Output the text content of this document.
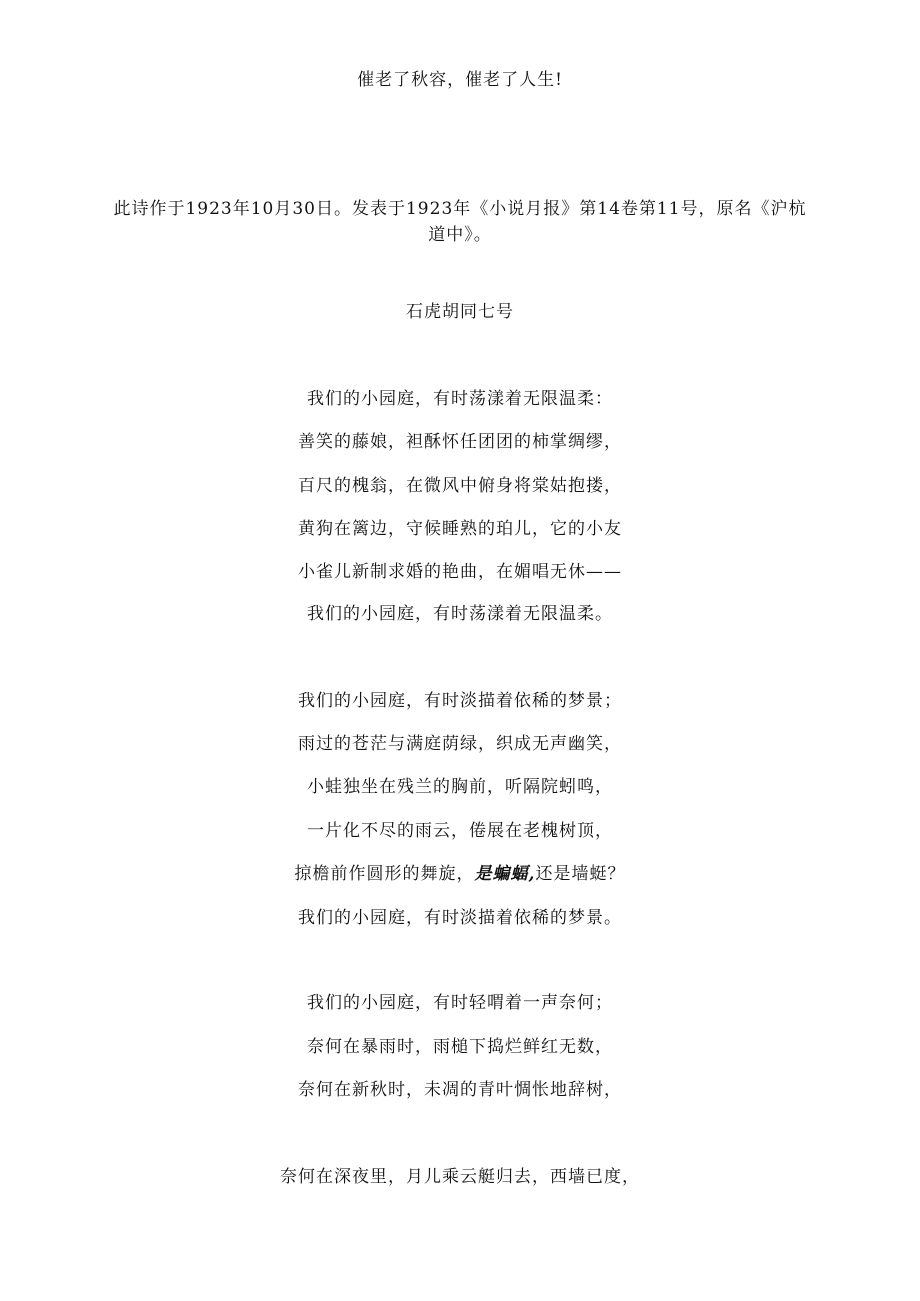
催老了秋容，催老了人生!
此诗作于1923年10月30日。发表于1923年《小说月报》第14卷第11号，原名《沪杭道中》。
石虎胡同七号
我们的小园庭，有时荡漾着无限温柔：
善笑的藤娘，袒酥怀任团团的柿掌绸缪，
百尺的槐翁，在微风中俯身将棠姑抱搂，
黄狗在篱边，守候睡熟的珀儿，它的小友
小雀儿新制求婚的艳曲，在媚唱无休——
我们的小园庭，有时荡漾着无限温柔。
我们的小园庭，有时淡描着依稀的梦景；
雨过的苍茫与满庭荫绿，织成无声幽笑，
小蛙独坐在残兰的胸前，听隔院蚓鸣，
一片化不尽的雨云，倦展在老槐树顶，
掠檐前作圆形的舞旋，是蝙蝠,还是墙蜓？
我们的小园庭，有时淡描着依稀的梦景。
我们的小园庭，有时轻喟着一声奈何；
奈何在暴雨时，雨槌下捣烂鲜红无数，
奈何在新秋时，未凋的青叶惆怅地辞树，
奈何在深夜里，月儿乘云艇归去，西墙已度，
